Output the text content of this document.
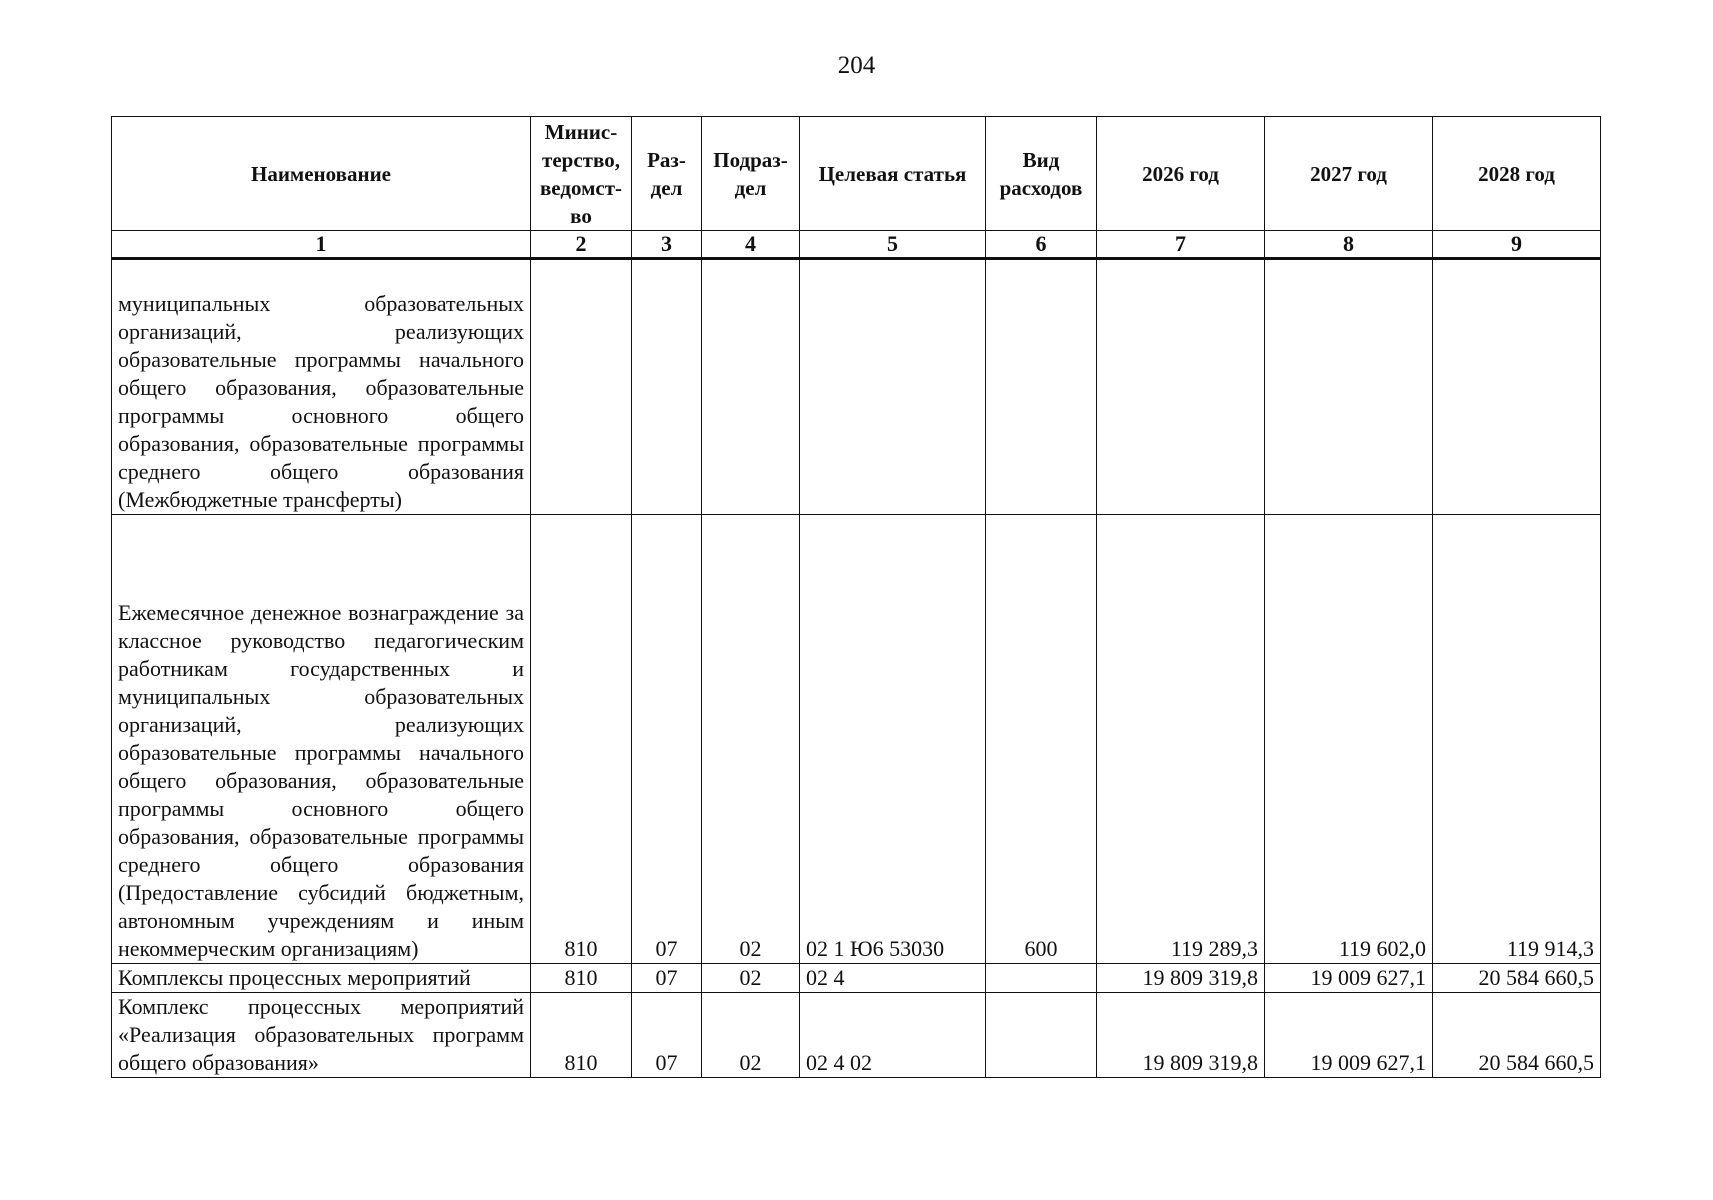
204
Наименование	Минис-терство, ведомст-во	Раз-дел	Подраз-дел	Целевая статья	Вид расходов	2026 год	2027 год	2028 год
1	2	3	4	5	6	7	8	9
муниципальных образовательных организаций, реализующих образовательные программы начального общего образования, образовательные программы основного общего образования, образовательные программы среднего общего образования (Межбюджетные трансферты)								
Ежемесячное денежное вознаграждение за классное руководство педагогическим работникам государственных и муниципальных образовательных организаций, реализующих образовательные программы начального общего образования, образовательные программы основного общего образования, образовательные программы среднего общего образования (Предоставление субсидий бюджетным, автономным учреждениям и иным некоммерческим организациям)	810	07	02	02 1 Ю6 53030	600	119 289,3	119 602,0	119 914,3
Комплексы процессных мероприятий	810	07	02	02 4		19 809 319,8	19 009 627,1	20 584 660,5
Комплекс процессных мероприятий «Реализация образовательных программ общего образования»	810	07	02	02 4 02		19 809 319,8	19 009 627,1	20 584 660,5
